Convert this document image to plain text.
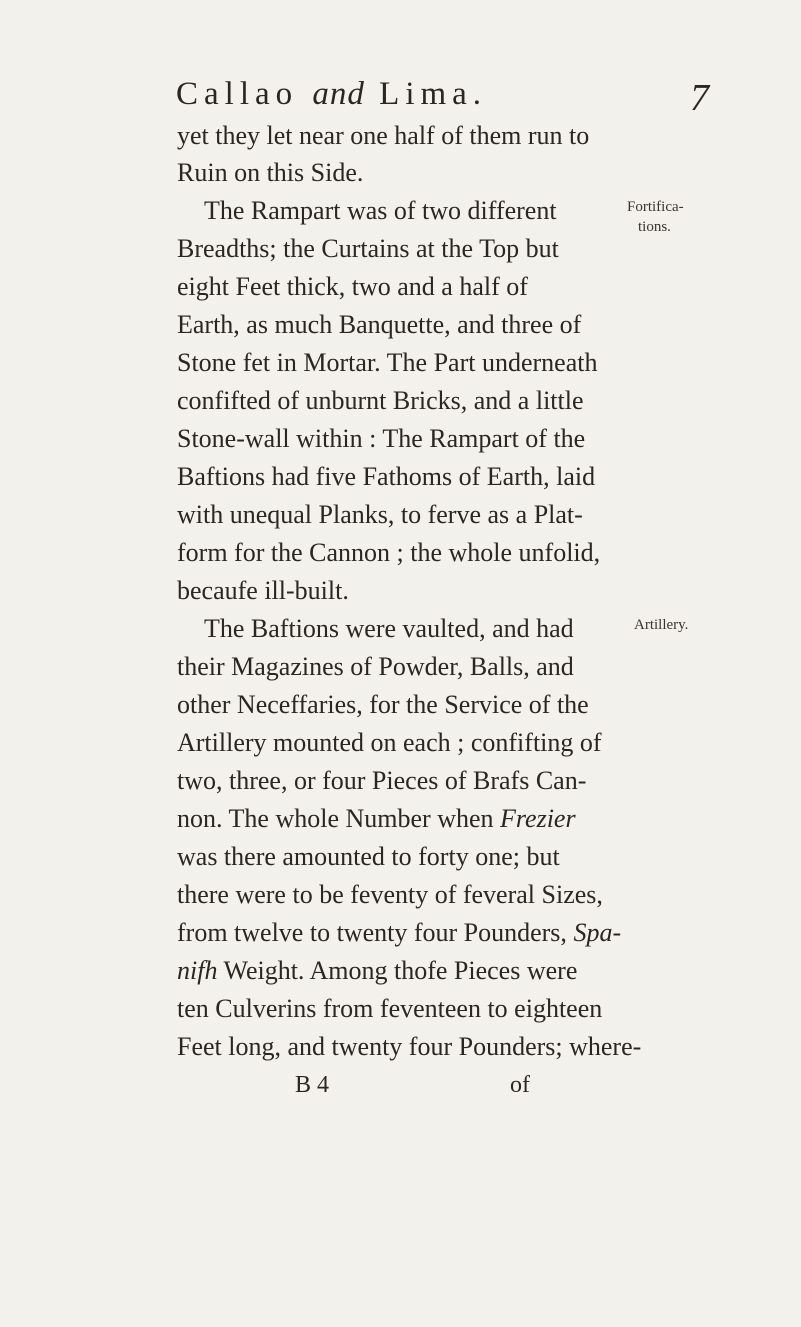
Callao and Lima.	7
yet they let near one half of them run to
Ruin on this Side.
The Rampart was of two different
Breadths; the Curtains at the Top but
eight Feet thick, two and a half of
Earth, as much Banquette, and three of
Stone fet in Mortar. The Part underneath
confifted of unburnt Bricks, and a little
Stone-wall within : The Rampart of the
Baftions had five Fathoms of Earth, laid
with unequal Planks, to ferve as a Plat-
form for the Cannon ; the whole unfolid,
becaufe ill-built.
The Baftions were vaulted, and had
their Magazines of Powder, Balls, and
other Neceffaries, for the Service of the
Artillery mounted on each ; confifting of
two, three, or four Pieces of Brafs Can-
non. The whole Number when Frezier
was there amounted to forty one; but
there were to be feventy of feveral Sizes,
from twelve to twenty four Pounders, Spa-
nifh Weight. Among thofe Pieces were
ten Culverins from feventeen to eighteen
Feet long, and twenty four Pounders; where-
Fortifica-
tions.
Artillery.
B 4	of
